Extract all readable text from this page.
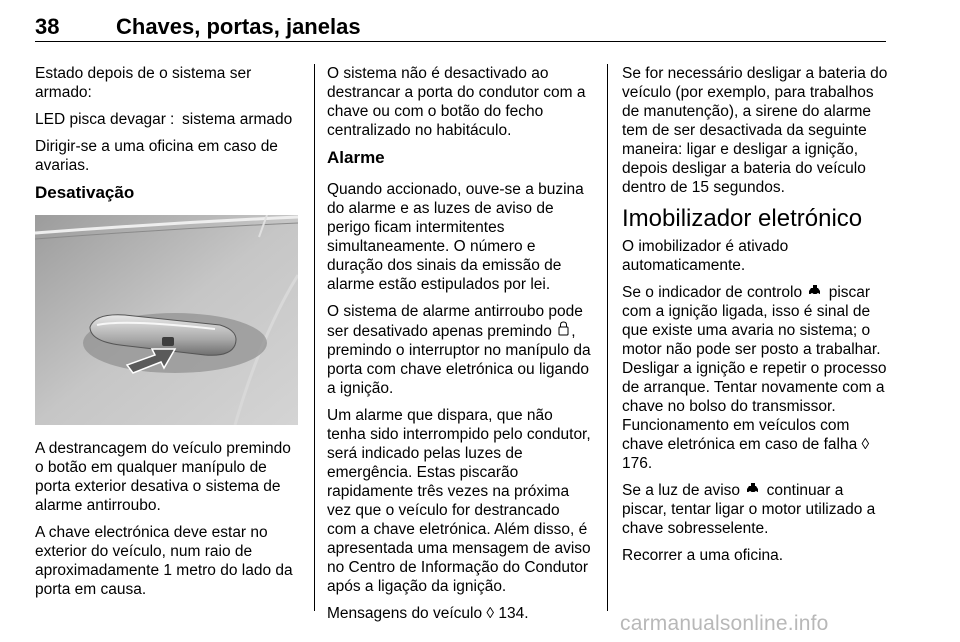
38	Chaves, portas, janelas

Estado depois de o sistema ser armado:

LED pisca devagar : sistema armado

Dirigir-se a uma oficina em caso de avarias.

Desativação

A destrancagem do veículo premindo o botão em qualquer manípulo de porta exterior desativa o sistema de alarme antirroubo.

A chave electrónica deve estar no exterior do veículo, num raio de aproximadamente 1 metro do lado da porta em causa.

O sistema não é desactivado ao destrancar a porta do condutor com a chave ou com o botão do fecho centralizado no habitáculo.

Alarme

Quando accionado, ouve-se a buzina do alarme e as luzes de aviso de perigo ficam intermitentes simultaneamente. O número e duração dos sinais da emissão de alarme estão estipulados por lei.

O sistema de alarme antirroubo pode ser desativado apenas premindo , premindo o interruptor no manípulo da porta com chave eletrónica ou ligando a ignição.

Um alarme que dispara, que não tenha sido interrompido pelo condutor, será indicado pelas luzes de emergência. Estas piscarão rapidamente três vezes na próxima vez que o veículo for destrancado com a chave eletrónica. Além disso, é apresentada uma mensagem de aviso no Centro de Informação do Condutor após a ligação da ignição.

Mensagens do veículo ◊ 134.

Se for necessário desligar a bateria do veículo (por exemplo, para trabalhos de manutenção), a sirene do alarme tem de ser desactivada da seguinte maneira: ligar e desligar a ignição, depois desligar a bateria do veículo dentro de 15 segundos.

Imobilizador eletrónico

O imobilizador é ativado automaticamente.

Se o indicador de controlo piscar com a ignição ligada, isso é sinal de que existe uma avaria no sistema; o motor não pode ser posto a trabalhar. Desligar a ignição e repetir o processo de arranque. Tentar novamente com a chave no bolso do transmissor. Funcionamento em veículos com chave eletrónica em caso de falha ◊ 176.

Se a luz de aviso continuar a piscar, tentar ligar o motor utilizado a chave sobresselente.

Recorrer a uma oficina.

carmanualsonline.info
